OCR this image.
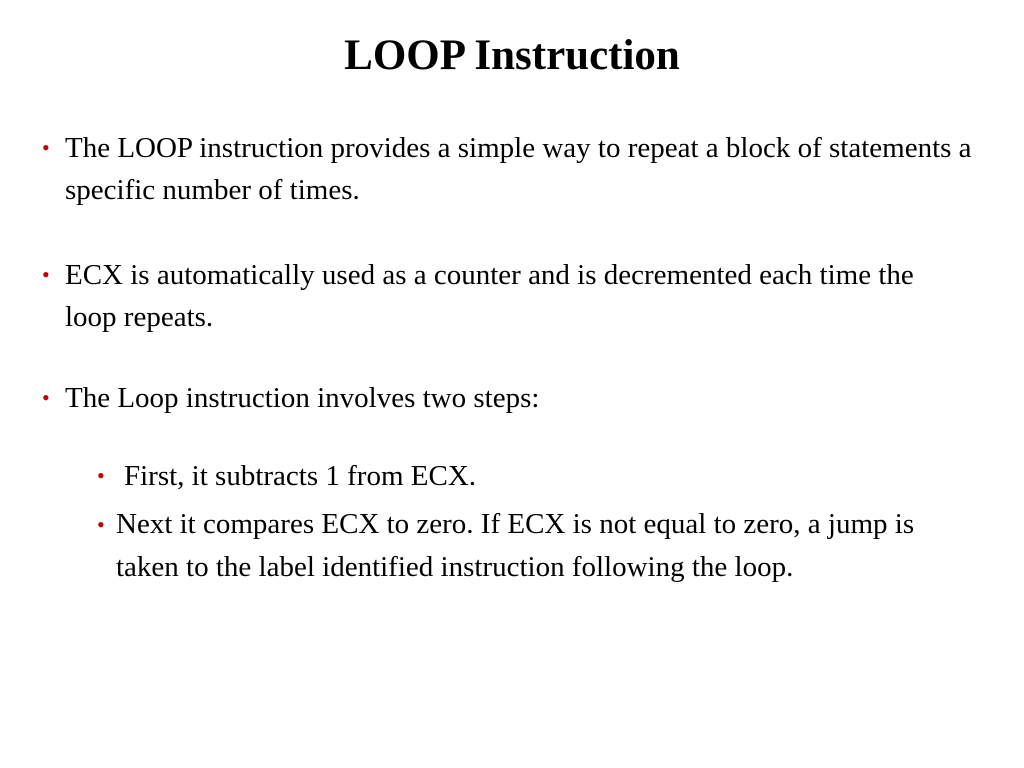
LOOP Instruction
• The LOOP instruction provides a simple way to repeat a block of statements a specific number of times.
• ECX is automatically used as a counter and is decremented each time the loop repeats.
• The Loop instruction involves two steps:
• First, it subtracts 1 from ECX.
• Next it compares ECX to zero. If ECX is not equal to zero, a jump is taken to the label identified instruction following the loop.
